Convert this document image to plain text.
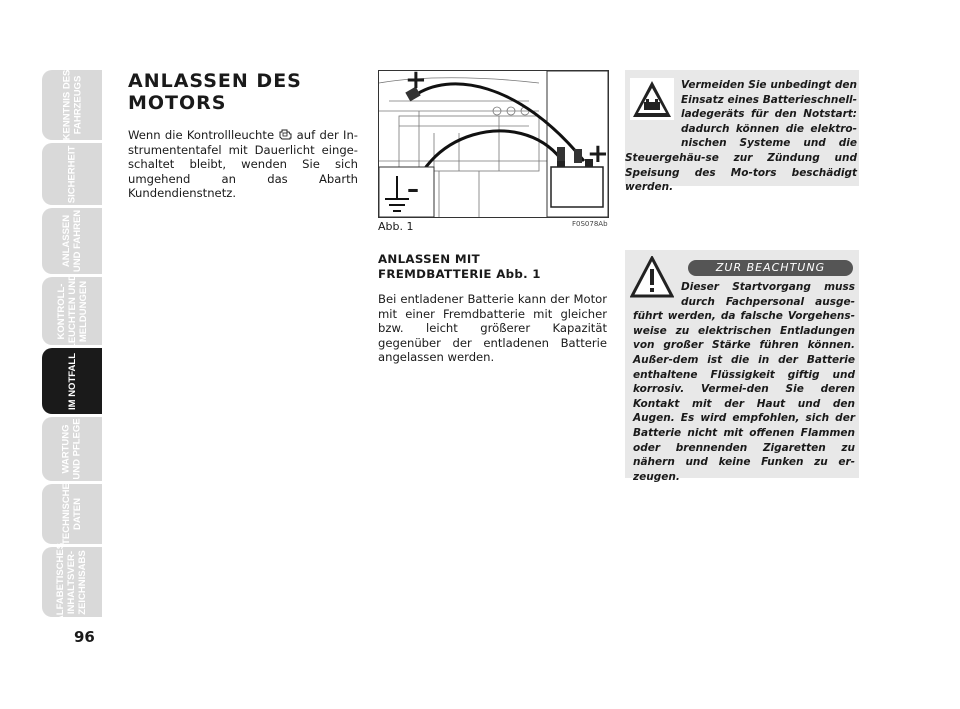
KENNTNIS DES
FAHRZEUGS
SICHERHEIT
ANLASSEN
UND FAHREN
KONTROLL-
LEUCHTEN UND
MELDUNGEN
IM NOTFALL
WARTUNG
UND PFLEGE
TECHNISCHE
DATEN
ALFABETISCHES
INHALTSVER-
ZEICHNISABS
96
ANLASSEN DES
MOTORS
Wenn die Kontrollleuchte  auf der In-strumententafel mit Dauerlicht einge-schaltet bleibt, wenden Sie sich umgehend an das Abarth Kundendienstnetz.
+
+
–
Abb. 1	F0S078Ab
ANLASSEN MIT
FREMDBATTERIE Abb. 1
Bei entladener Batterie kann der Motor mit einer Fremdbatterie mit gleicher bzw. leicht größerer Kapazität gegenüber der entladenen Batterie angelassen werden.
Vermeiden Sie unbedingt den Einsatz eines Batterieschnell-ladegeräts für den Notstart: dadurch können die elektro-nischen Systeme und die Steuergehäu-se zur Zündung und Speisung des Mo-tors beschädigt werden.
ZUR BEACHTUNG
Dieser Startvorgang muss durch Fachpersonal ausge-führt werden, da falsche Vorgehens-weise zu elektrischen Entladungen von großer Stärke führen können. Außer-dem ist die in der Batterie enthaltene Flüssigkeit giftig und korrosiv. Vermei-den Sie deren Kontakt mit der Haut und den Augen. Es wird empfohlen, sich der Batterie nicht mit offenen Flammen oder brennenden Zigaretten zu nähern und keine Funken zu er-zeugen.
